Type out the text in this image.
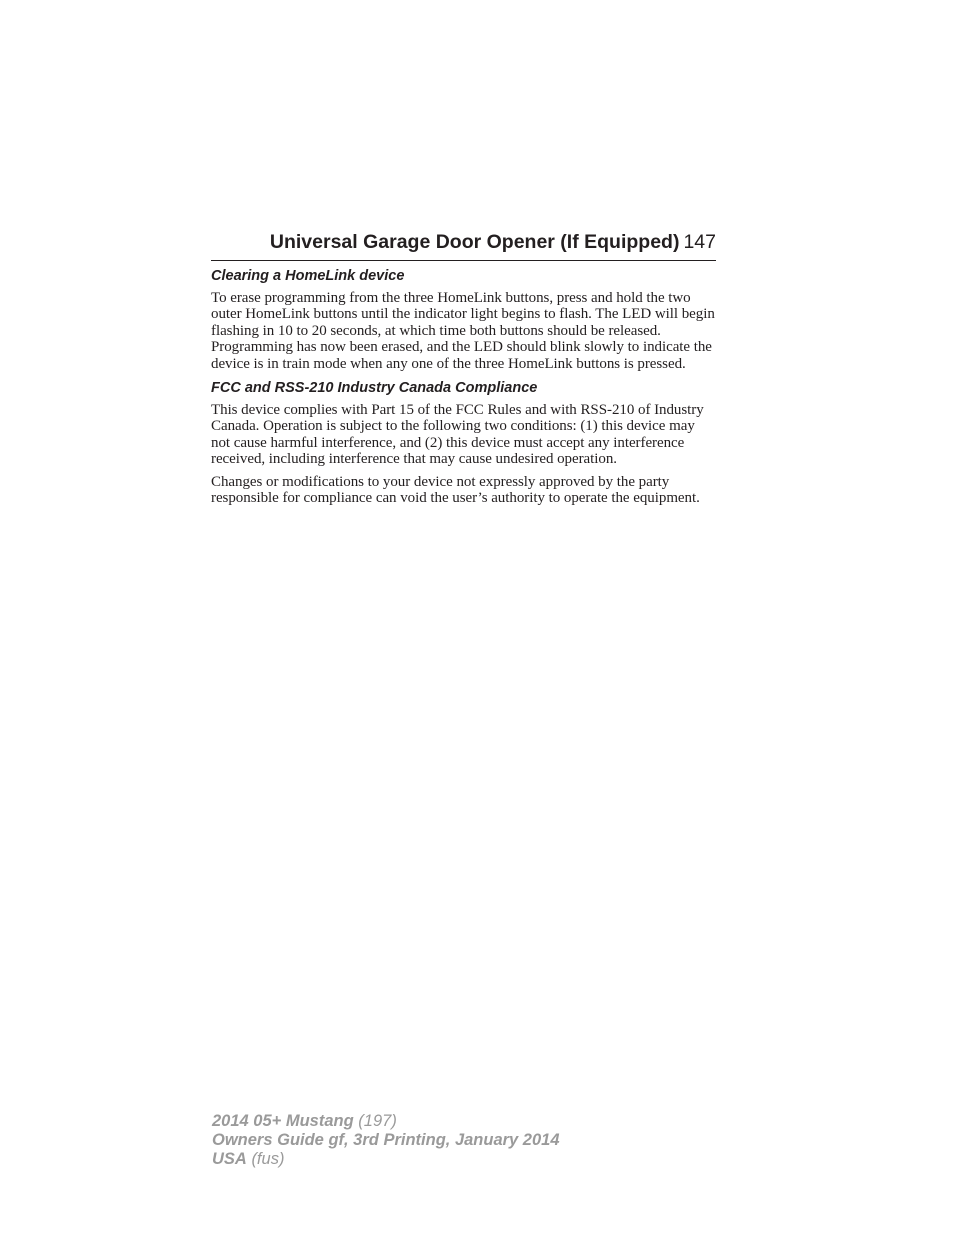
Universal Garage Door Opener (If Equipped) 147
Clearing a HomeLink device

To erase programming from the three HomeLink buttons, press and hold the two outer HomeLink buttons until the indicator light begins to flash. The LED will begin flashing in 10 to 20 seconds, at which time both buttons should be released. Programming has now been erased, and the LED should blink slowly to indicate the device is in train mode when any one of the three HomeLink buttons is pressed.

FCC and RSS-210 Industry Canada Compliance

This device complies with Part 15 of the FCC Rules and with RSS-210 of Industry Canada. Operation is subject to the following two conditions: (1) this device may not cause harmful interference, and (2) this device must accept any interference received, including interference that may cause undesired operation.

Changes or modifications to your device not expressly approved by the party responsible for compliance can void the user’s authority to operate the equipment.

2014 05+ Mustang (197)
Owners Guide gf, 3rd Printing, January 2014
USA (fus)
